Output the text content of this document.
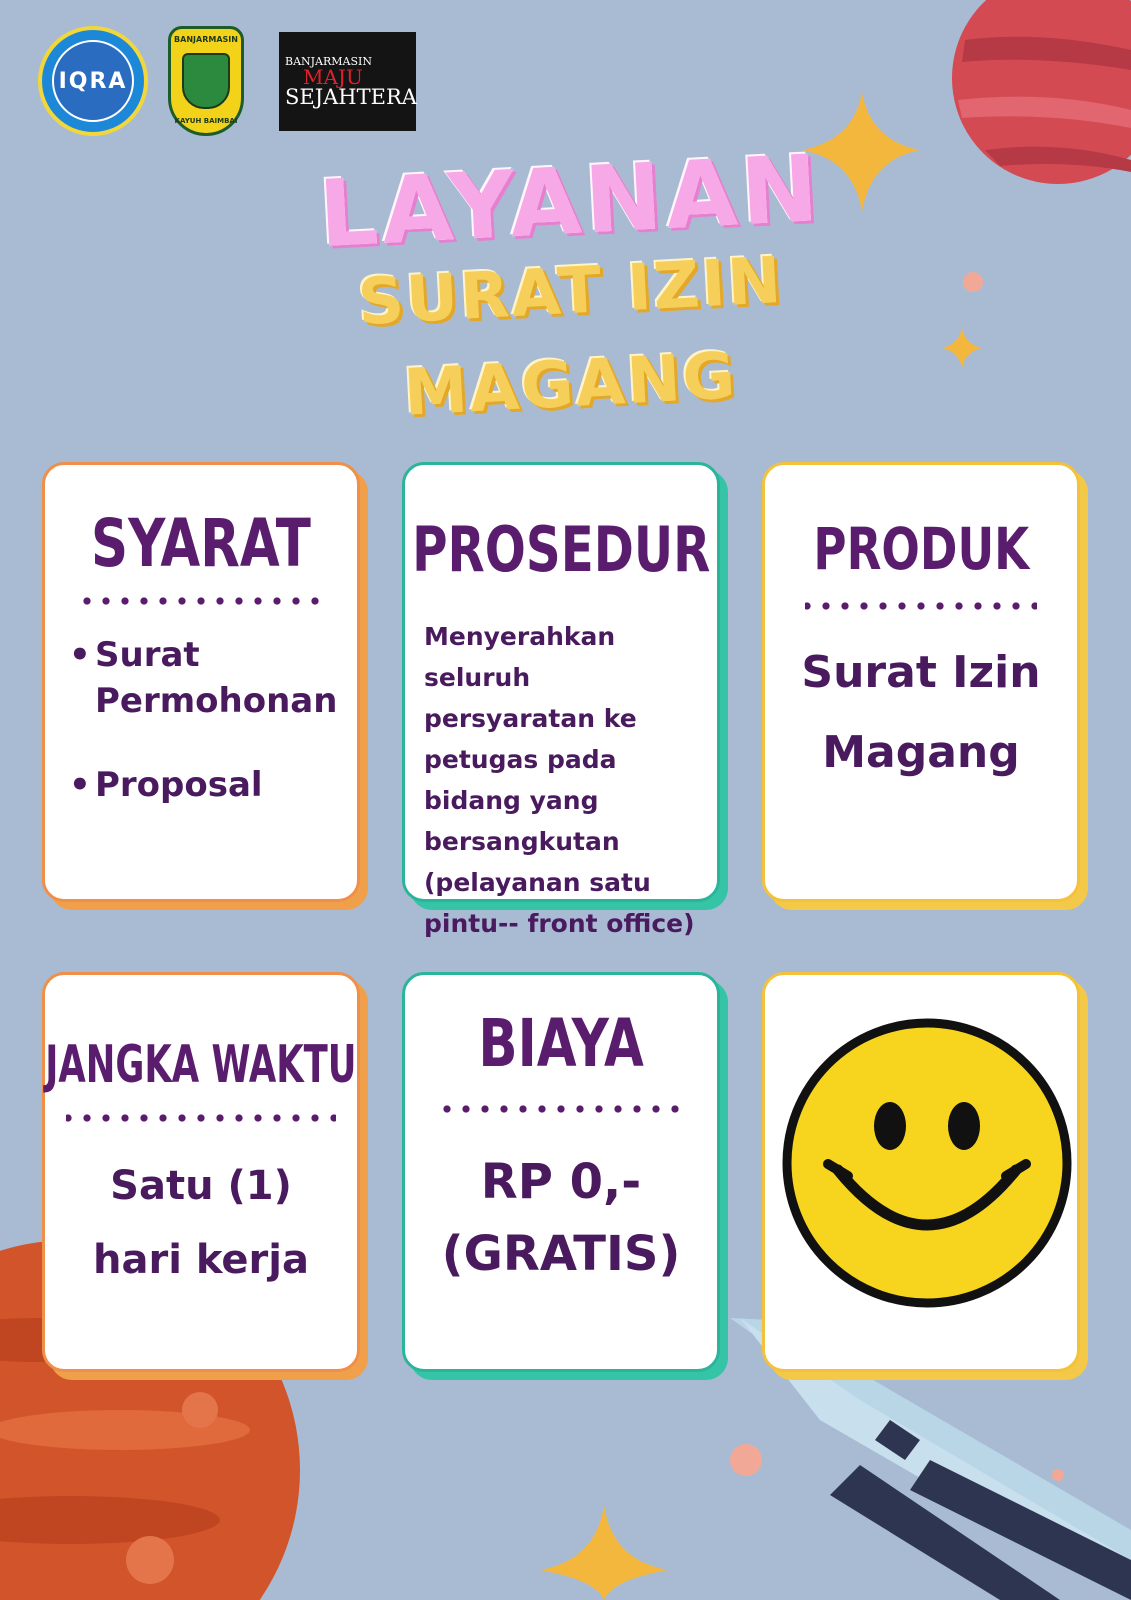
IQRA
BANJARMASIN
KAYUH BAIMBAI
BANJARMASIN
MAJU
SEJAHTERA
LAYANAN
SURAT IZIN
MAGANG
SYARAT
• Surat Permohonan
• Proposal
PROSEDUR
Menyerahkan seluruh persyaratan ke petugas pada bidang yang bersangkutan (pelayanan satu pintu-- front office)
PRODUK
Surat Izin Magang
JANGKA WAKTU
Satu (1) hari kerja
BIAYA
RP 0,-
(GRATIS)
